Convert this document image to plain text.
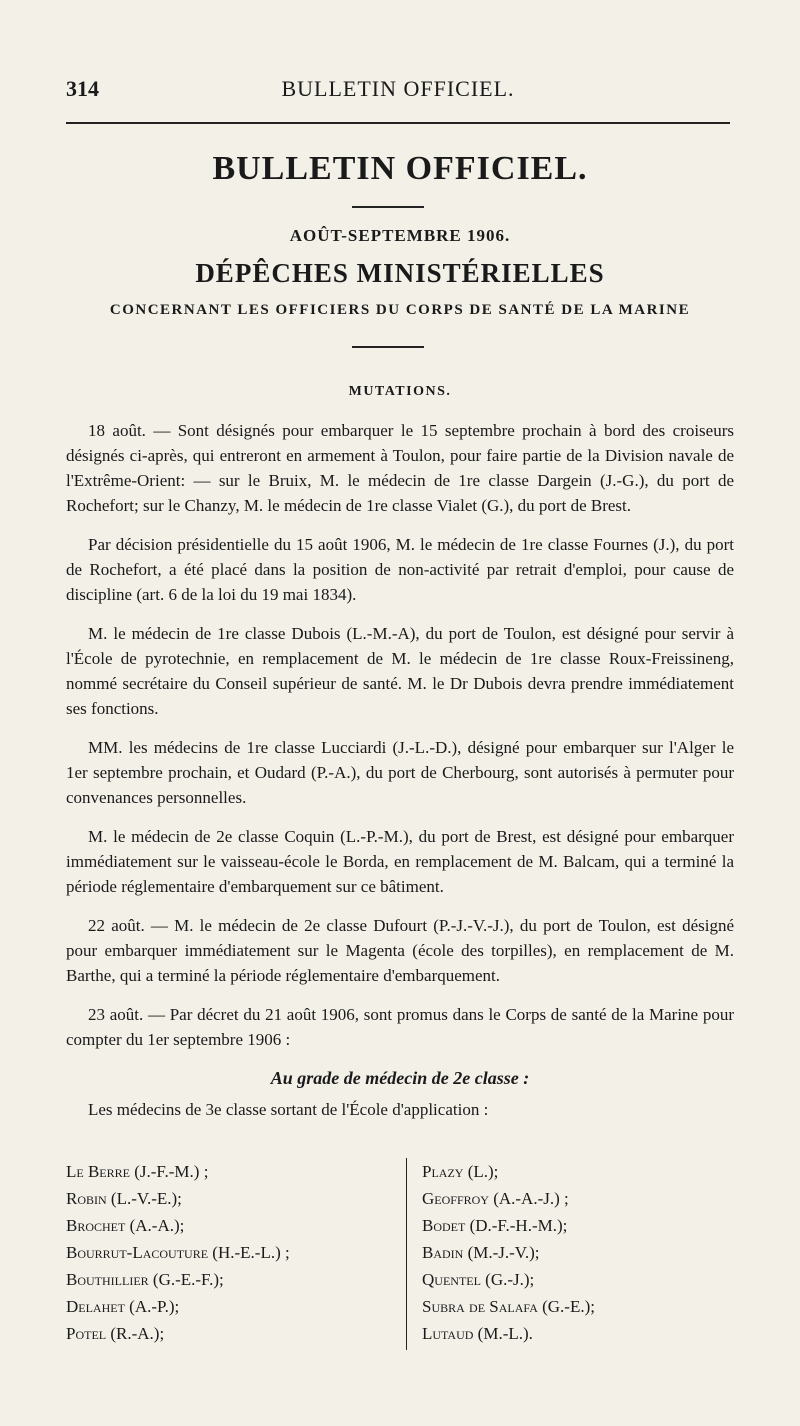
314	BULLETIN OFFICIEL.
BULLETIN OFFICIEL.
AOÛT-SEPTEMBRE 1906.
DÉPÊCHES MINISTÉRIELLES
CONCERNANT LES OFFICIERS DU CORPS DE SANTÉ DE LA MARINE
MUTATIONS.

18 août. — Sont désignés pour embarquer le 15 septembre prochain à bord des croiseurs désignés ci-après, qui entreront en armement à Toulon, pour faire partie de la Division navale de l'Extrême-Orient: — sur le Bruix, M. le médecin de 1re classe Dargein (J.-G.), du port de Rochefort; sur le Chanzy, M. le médecin de 1re classe Vialet (G.), du port de Brest.

Par décision présidentielle du 15 août 1906, M. le médecin de 1re classe Fournes (J.), du port de Rochefort, a été placé dans la position de non-activité par retrait d'emploi, pour cause de discipline (art. 6 de la loi du 19 mai 1834).

M. le médecin de 1re classe Dubois (L.-M.-A), du port de Toulon, est désigné pour servir à l'École de pyrotechnie, en remplacement de M. le médecin de 1re classe Roux-Freissineng, nommé secrétaire du Conseil supérieur de santé. M. le Dr Dubois devra prendre immédiatement ses fonctions.

MM. les médecins de 1re classe Lucciardi (J.-L.-D.), désigné pour embarquer sur l'Alger le 1er septembre prochain, et Oudard (P.-A.), du port de Cherbourg, sont autorisés à permuter pour convenances personnelles.

M. le médecin de 2e classe Coquin (L.-P.-M.), du port de Brest, est désigné pour embarquer immédiatement sur le vaisseau-école le Borda, en remplacement de M. Balcam, qui a terminé la période réglementaire d'embarquement sur ce bâtiment.

22 août. — M. le médecin de 2e classe Dufourt (P.-J.-V.-J.), du port de Toulon, est désigné pour embarquer immédiatement sur le Magenta (école des torpilles), en remplacement de M. Barthe, qui a terminé la période réglementaire d'embarquement.

23 août. — Par décret du 21 août 1906, sont promus dans le Corps de santé de la Marine pour compter du 1er septembre 1906 :

Au grade de médecin de 2e classe :

Les médecins de 3e classe sortant de l'École d'application :

Le Berre (J.-F.-M.) ;
Robin (L.-V.-E.);
Brochet (A.-A.);
Bourrut-Lacouture (H.-E.-L.) ;
Bouthillier (G.-E.-F.);
Delahet (A.-P.);
Potel (R.-A.);
Plazy (L.);
Geoffroy (A.-A.-J.) ;
Bodet (D.-F.-H.-M.);
Badin (M.-J.-V.);
Quentel (G.-J.);
Subra de Salafa (G.-E.);
Lutaud (M.-L.).
